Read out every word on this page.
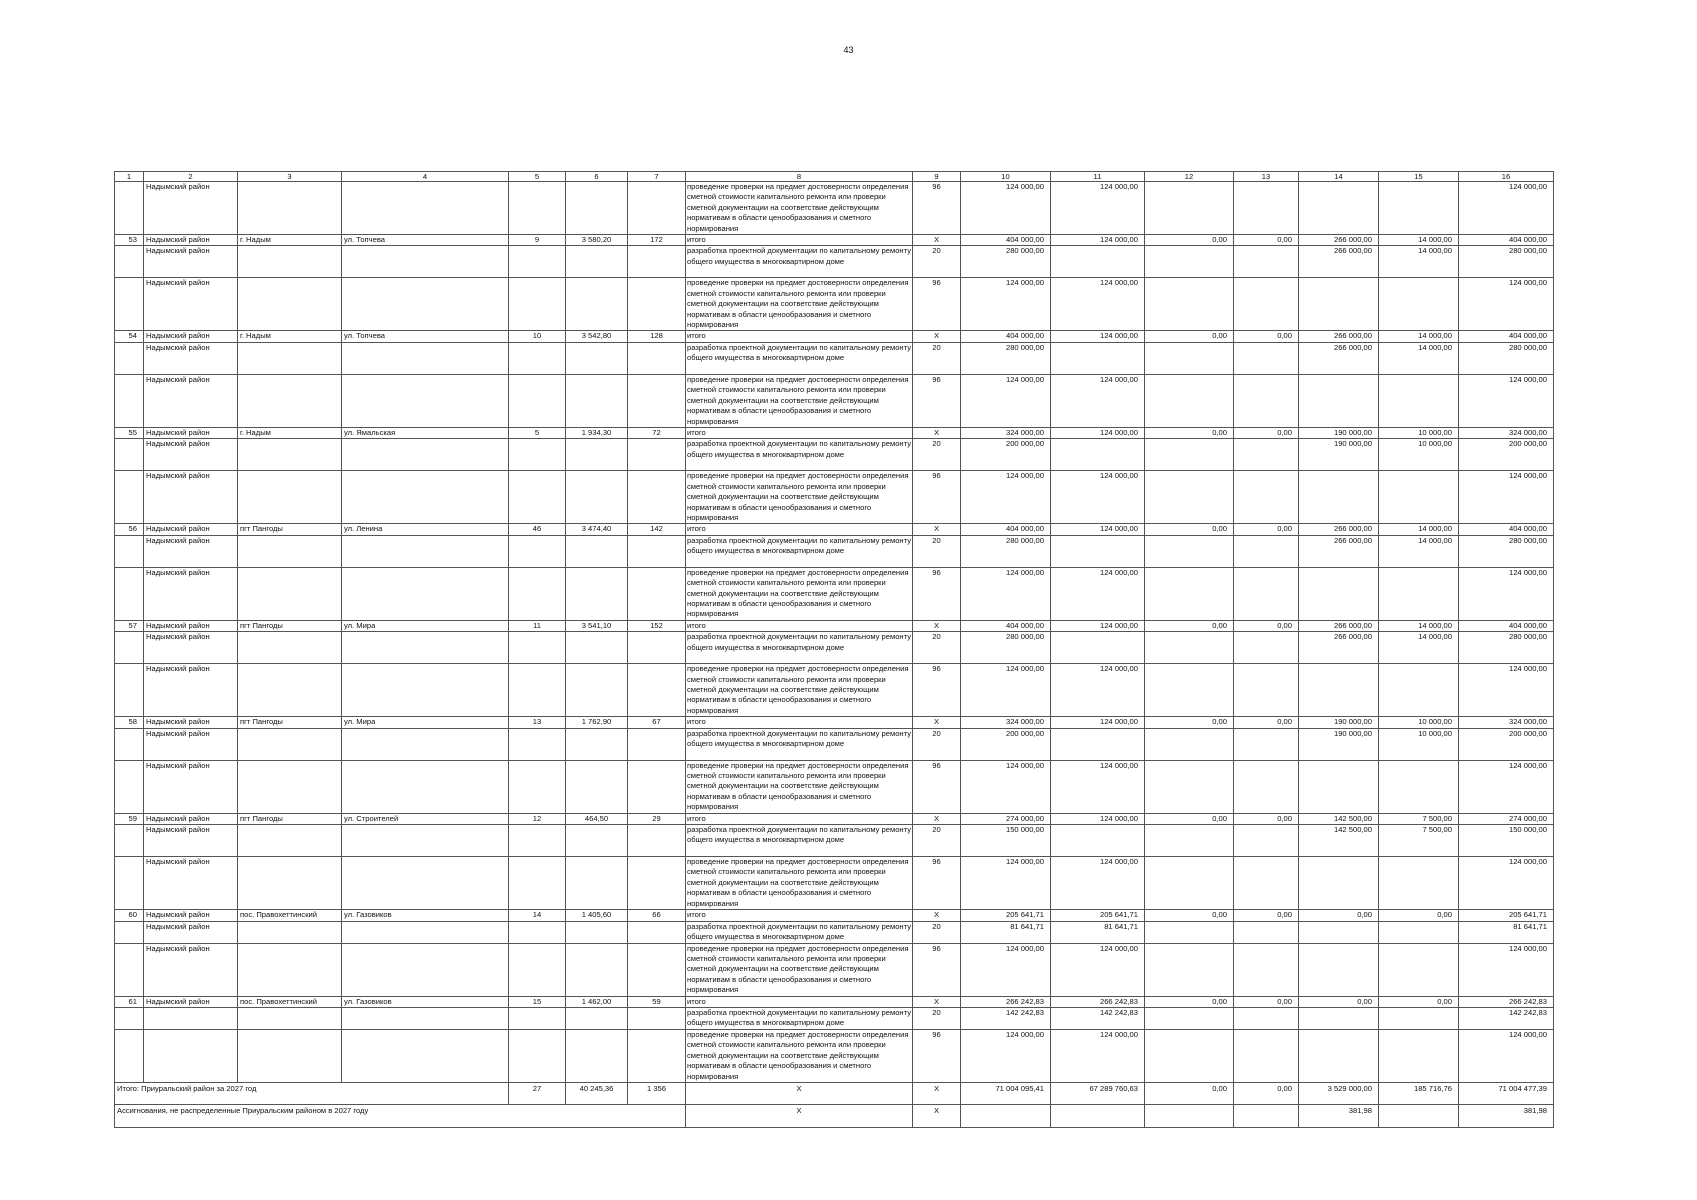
43
1	2	3	4	5	6	7	8	9	10	11	12	13	14	15	16
	Надымский район						проведение проверки на предмет достоверности определения сметной стоимости капитального ремонта или проверки сметной документации на соответствие действующим нормативам в области ценообразования и сметного нормирования	96	124 000,00	124 000,00					124 000,00
53	Надымский район	г. Надым	ул. Топчева	9	3 580,20	172	итого	X	404 000,00	124 000,00	0,00	0,00	266 000,00	14 000,00	404 000,00
	Надымский район						разработка проектной документации по капитальному ремонту общего имущества в многоквартирном доме	20	280 000,00				266 000,00	14 000,00	280 000,00
	Надымский район						проведение проверки на предмет достоверности определения сметной стоимости капитального ремонта или проверки сметной документации на соответствие действующим нормативам в области ценообразования и сметного нормирования	96	124 000,00	124 000,00					124 000,00
54	Надымский район	г. Надым	ул. Топчева	10	3 542,80	128	итого	X	404 000,00	124 000,00	0,00	0,00	266 000,00	14 000,00	404 000,00
	Надымский район						разработка проектной документации по капитальному ремонту общего имущества в многоквартирном доме	20	280 000,00				266 000,00	14 000,00	280 000,00
	Надымский район						проведение проверки на предмет достоверности определения сметной стоимости капитального ремонта или проверки сметной документации на соответствие действующим нормативам в области ценообразования и сметного нормирования	96	124 000,00	124 000,00					124 000,00
55	Надымский район	г. Надым	ул. Ямальская	5	1 934,30	72	итого	X	324 000,00	124 000,00	0,00	0,00	190 000,00	10 000,00	324 000,00
	Надымский район						разработка проектной документации по капитальному ремонту общего имущества в многоквартирном доме	20	200 000,00				190 000,00	10 000,00	200 000,00
	Надымский район						проведение проверки на предмет достоверности определения сметной стоимости капитального ремонта или проверки сметной документации на соответствие действующим нормативам в области ценообразования и сметного нормирования	96	124 000,00	124 000,00					124 000,00
56	Надымский район	пгт Пангоды	ул. Ленина	46	3 474,40	142	итого	X	404 000,00	124 000,00	0,00	0,00	266 000,00	14 000,00	404 000,00
	Надымский район						разработка проектной документации по капитальному ремонту общего имущества в многоквартирном доме	20	280 000,00				266 000,00	14 000,00	280 000,00
	Надымский район						проведение проверки на предмет достоверности определения сметной стоимости капитального ремонта или проверки сметной документации на соответствие действующим нормативам в области ценообразования и сметного нормирования	96	124 000,00	124 000,00					124 000,00
57	Надымский район	пгт Пангоды	ул. Мира	11	3 541,10	152	итого	X	404 000,00	124 000,00	0,00	0,00	266 000,00	14 000,00	404 000,00
	Надымский район						разработка проектной документации по капитальному ремонту общего имущества в многоквартирном доме	20	280 000,00				266 000,00	14 000,00	280 000,00
	Надымский район						проведение проверки на предмет достоверности определения сметной стоимости капитального ремонта или проверки сметной документации на соответствие действующим нормативам в области ценообразования и сметного нормирования	96	124 000,00	124 000,00					124 000,00
58	Надымский район	пгт Пангоды	ул. Мира	13	1 762,90	67	итого	X	324 000,00	124 000,00	0,00	0,00	190 000,00	10 000,00	324 000,00
	Надымский район						разработка проектной документации по капитальному ремонту общего имущества в многоквартирном доме	20	200 000,00				190 000,00	10 000,00	200 000,00
	Надымский район						проведение проверки на предмет достоверности определения сметной стоимости капитального ремонта или проверки сметной документации на соответствие действующим нормативам в области ценообразования и сметного нормирования	96	124 000,00	124 000,00					124 000,00
59	Надымский район	пгт Пангоды	ул. Строителей	12	464,50	29	итого	X	274 000,00	124 000,00	0,00	0,00	142 500,00	7 500,00	274 000,00
	Надымский район						разработка проектной документации по капитальному ремонту общего имущества в многоквартирном доме	20	150 000,00				142 500,00	7 500,00	150 000,00
	Надымский район						проведение проверки на предмет достоверности определения сметной стоимости капитального ремонта или проверки сметной документации на соответствие действующим нормативам в области ценообразования и сметного нормирования	96	124 000,00	124 000,00					124 000,00
60	Надымский район	пос. Правохеттинский	ул. Газовиков	14	1 405,60	66	итого	X	205 641,71	205 641,71	0,00	0,00	0,00	0,00	205 641,71
	Надымский район						разработка проектной документации по капитальному ремонту общего имущества в многоквартирном доме	20	81 641,71	81 641,71					81 641,71
	Надымский район						проведение проверки на предмет достоверности определения сметной стоимости капитального ремонта или проверки сметной документации на соответствие действующим нормативам в области ценообразования и сметного нормирования	96	124 000,00	124 000,00					124 000,00
61	Надымский район	пос. Правохеттинский	ул. Газовиков	15	1 462,00	59	итого	X	266 242,83	266 242,83	0,00	0,00	0,00	0,00	266 242,83
							разработка проектной документации по капитальному ремонту общего имущества в многоквартирном доме	20	142 242,83	142 242,83					142 242,83
							проведение проверки на предмет достоверности определения сметной стоимости капитального ремонта или проверки сметной документации на соответствие действующим нормативам в области ценообразования и сметного нормирования	96	124 000,00	124 000,00					124 000,00
Итого: Приуральский район за 2027 год				27	40 245,36	1 356	X	X	71 004 095,41	67 289 760,63	0,00	0,00	3 529 000,00	185 716,76	71 004 477,39
Ассигнования, не распределенные Приуральским районом в 2027 году							X	X					381,98		381,98
